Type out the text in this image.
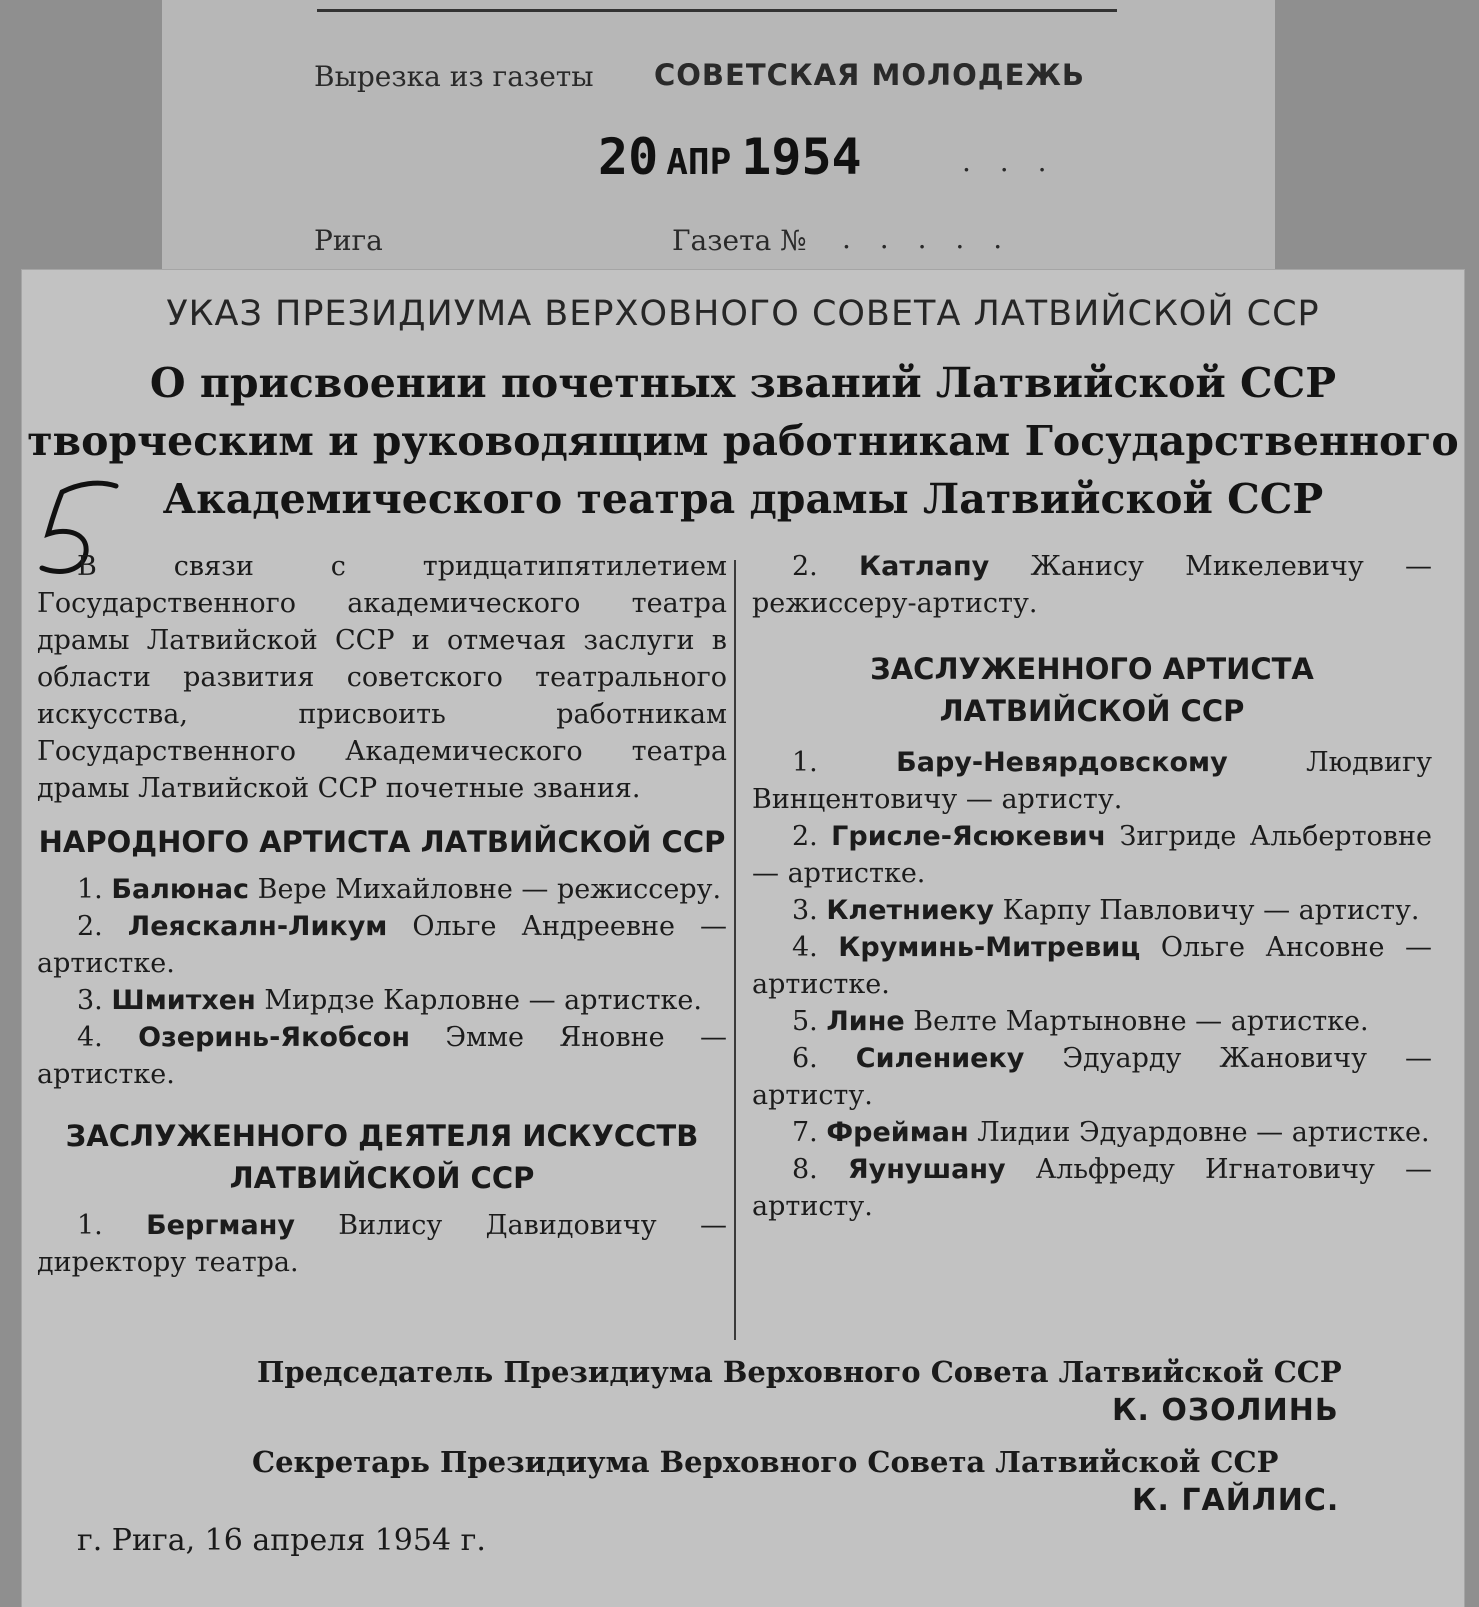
Вырезка из газеты СОВЕТСКАЯ МОЛОДЕЖЬ
20 АПР 1954	. . .
Рига	Газета № . . . . .
УКАЗ ПРЕЗИДИУМА ВЕРХОВНОГО СОВЕТА ЛАТВИЙСКОЙ ССР
О присвоении почетных званий Латвийской ССР
творческим и руководящим работникам Государственного
Академического театра драмы Латвийской ССР

В связи с тридцатипятилетием Государственного академического театра драмы Латвийской ССР и отмечая заслуги в области развития советского театрального искусства, присвоить работникам Государственного Академического театра драмы Латвийской ССР почетные звания.

НАРОДНОГО АРТИСТА ЛАТВИЙСКОЙ ССР

1. Балюнас Вере Михайловне — режиссеру.

2. Леяскалн-Ликум Ольге Андреевне — артистке.

3. Шмитхен Мирдзе Карловне — артистке.

4. Озеринь-Якобсон Эмме Яновне — артистке.

ЗАСЛУЖЕННОГО ДЕЯТЕЛЯ ИСКУССТВ
ЛАТВИЙСКОЙ ССР

1. Бергману Вилису Давидовичу — директору театра.

2. Катлапу Жанису Микелевичу — режиссеру-артисту.

ЗАСЛУЖЕННОГО АРТИСТА
ЛАТВИЙСКОЙ ССР

1.	Бару-Невярдовскому Людвигу Винцентовичу — артисту.

2. Грисле-Ясюкевич Зигриде Альбертовне — артистке.

3. Клетниеку Карпу Павловичу — артисту.

4. Круминь-Митревиц Ольге Ансовне — артистке.

5. Лине Велте Мартыновне — артистке.

6. Силениеку Эдуарду Жановичу — артисту.

7. Фрейман Лидии Эдуардовне — артистке.

8. Яунушану Альфреду Игнатовичу — артисту.

Председатель Президиума Верховного Совета Латвийской ССР
К. ОЗОЛИНЬ
Секретарь Президиума Верховного Совета Латвийской ССР
К. ГАЙЛИС.
г. Рига, 16 апреля 1954 г.
